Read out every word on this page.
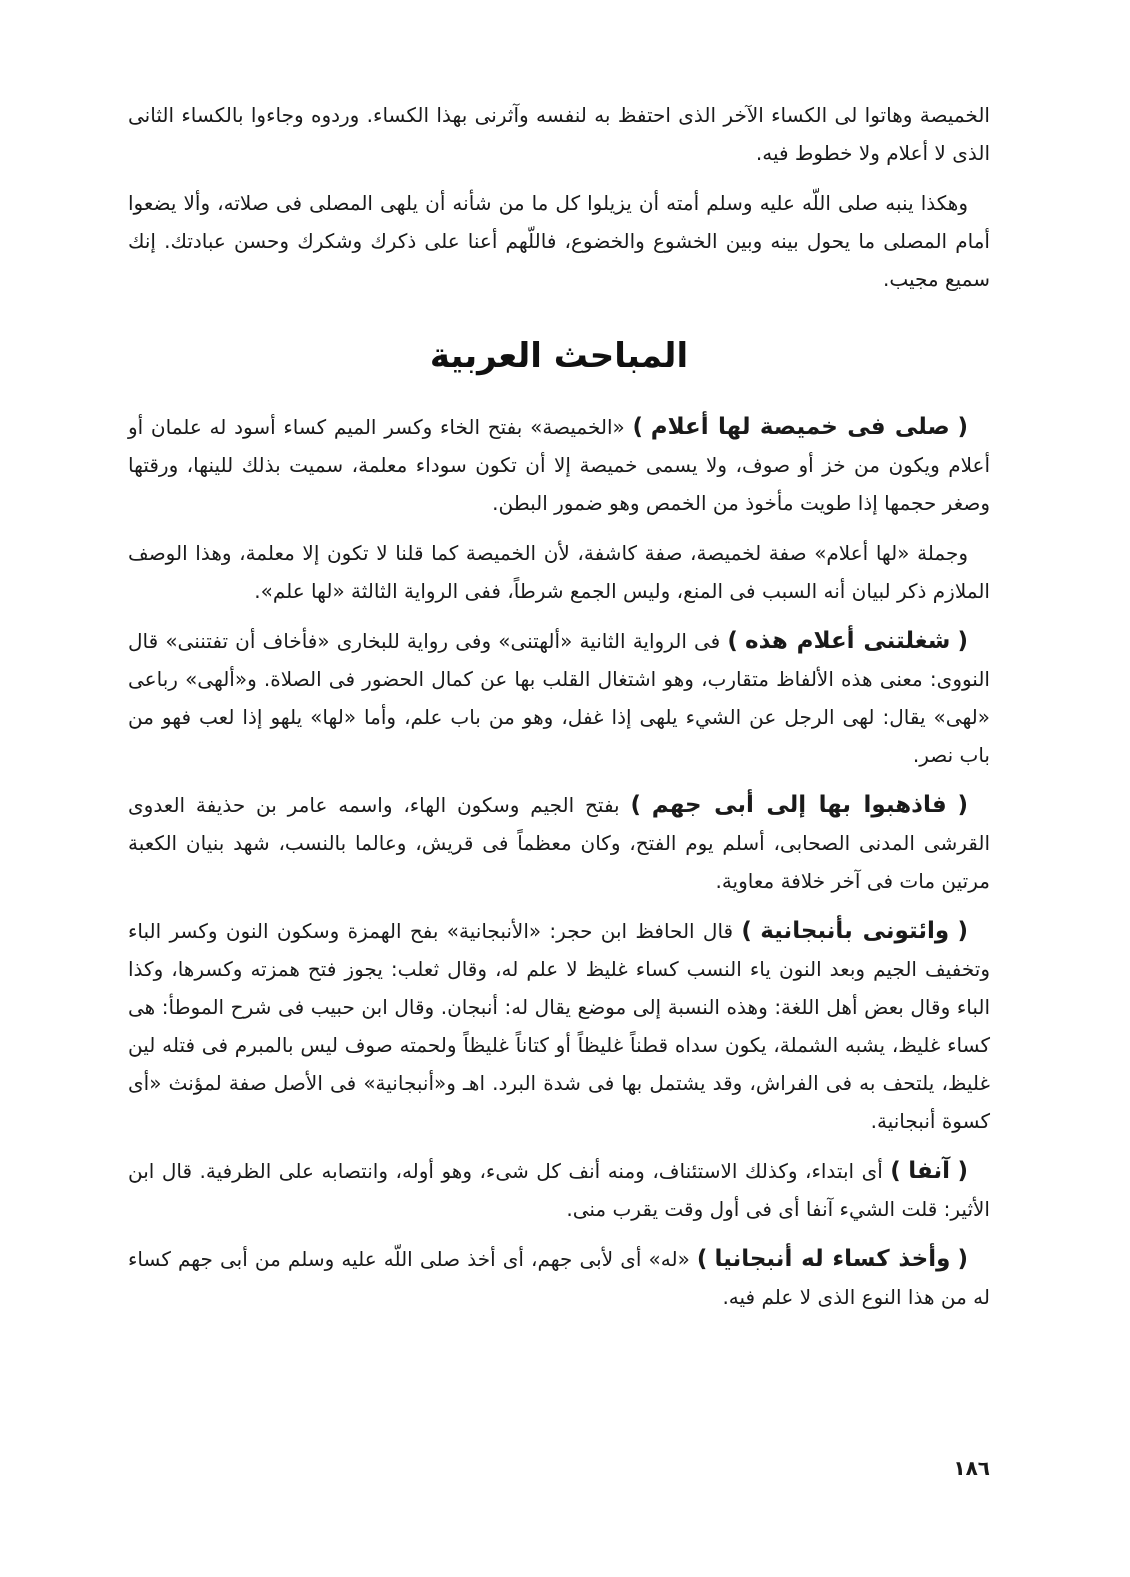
الخميصة وهاتوا لى الكساء الآخر الذى احتفظ به لنفسه وآثرنى بهذا الكساء. وردوه وجاءوا بالكساء الثانى الذى لا أعلام ولا خطوط فيه.

وهكذا ينبه صلى اللّه عليه وسلم أمته أن يزيلوا كل ما من شأنه أن يلهى المصلى فى صلاته، وألا يضعوا أمام المصلى ما يحول بينه وبين الخشوع والخضوع، فاللّهم أعنا على ذكرك وشكرك وحسن عبادتك. إنك سميع مجيب.

المباحث العربية

( صلى فى خميصة لها أعلام ) «الخميصة» بفتح الخاء وكسر الميم كساء أسود له علمان أو أعلام ويكون من خز أو صوف، ولا يسمى خميصة إلا أن تكون سوداء معلمة، سميت بذلك للينها، ورقتها وصغر حجمها إذا طويت مأخوذ من الخمص وهو ضمور البطن.

وجملة «لها أعلام» صفة لخميصة، صفة كاشفة، لأن الخميصة كما قلنا لا تكون إلا معلمة، وهذا الوصف الملازم ذكر لبيان أنه السبب فى المنع، وليس الجمع شرطاً، ففى الرواية الثالثة «لها علم».

( شغلتنى أعلام هذه ) فى الرواية الثانية «ألهتنى» وفى رواية للبخارى «فأخاف أن تفتننى» قال النووى: معنى هذه الألفاظ متقارب، وهو اشتغال القلب بها عن كمال الحضور فى الصلاة. و«ألهى» رباعى «لهى» يقال: لهى الرجل عن الشيء يلهى إذا غفل، وهو من باب علم، وأما «لها» يلهو إذا لعب فهو من باب نصر.

( فاذهبوا بها إلى أبى جهم ) بفتح الجيم وسكون الهاء، واسمه عامر بن حذيفة العدوى القرشى المدنى الصحابى، أسلم يوم الفتح، وكان معظماً فى قريش، وعالما بالنسب، شهد بنيان الكعبة مرتين مات فى آخر خلافة معاوية.

( وائتونى بأنبجانية ) قال الحافظ ابن حجر: «الأنبجانية» بفح الهمزة وسكون النون وكسر الباء وتخفيف الجيم وبعد النون ياء النسب كساء غليظ لا علم له، وقال ثعلب: يجوز فتح همزته وكسرها، وكذا الباء وقال بعض أهل اللغة: وهذه النسبة إلى موضع يقال له: أنبجان. وقال ابن حبيب فى شرح الموطأ: هى كساء غليظ، يشبه الشملة، يكون سداه قطناً غليظاً أو كتاناً غليظاً ولحمته صوف ليس بالمبرم فى فتله لين غليظ، يلتحف به فى الفراش، وقد يشتمل بها فى شدة البرد. اهـ و«أنبجانية» فى الأصل صفة لمؤنث «أى كسوة أنبجانية.

( آنفا ) أى ابتداء، وكذلك الاستئناف، ومنه أنف كل شىء، وهو أوله، وانتصابه على الظرفية. قال ابن الأثير: قلت الشيء آنفا أى فى أول وقت يقرب منى.

( وأخذ كساء له أنبجانيا ) «له» أى لأبى جهم، أى أخذ صلى اللّه عليه وسلم من أبى جهم كساء له من هذا النوع الذى لا علم فيه.

١٨٦
